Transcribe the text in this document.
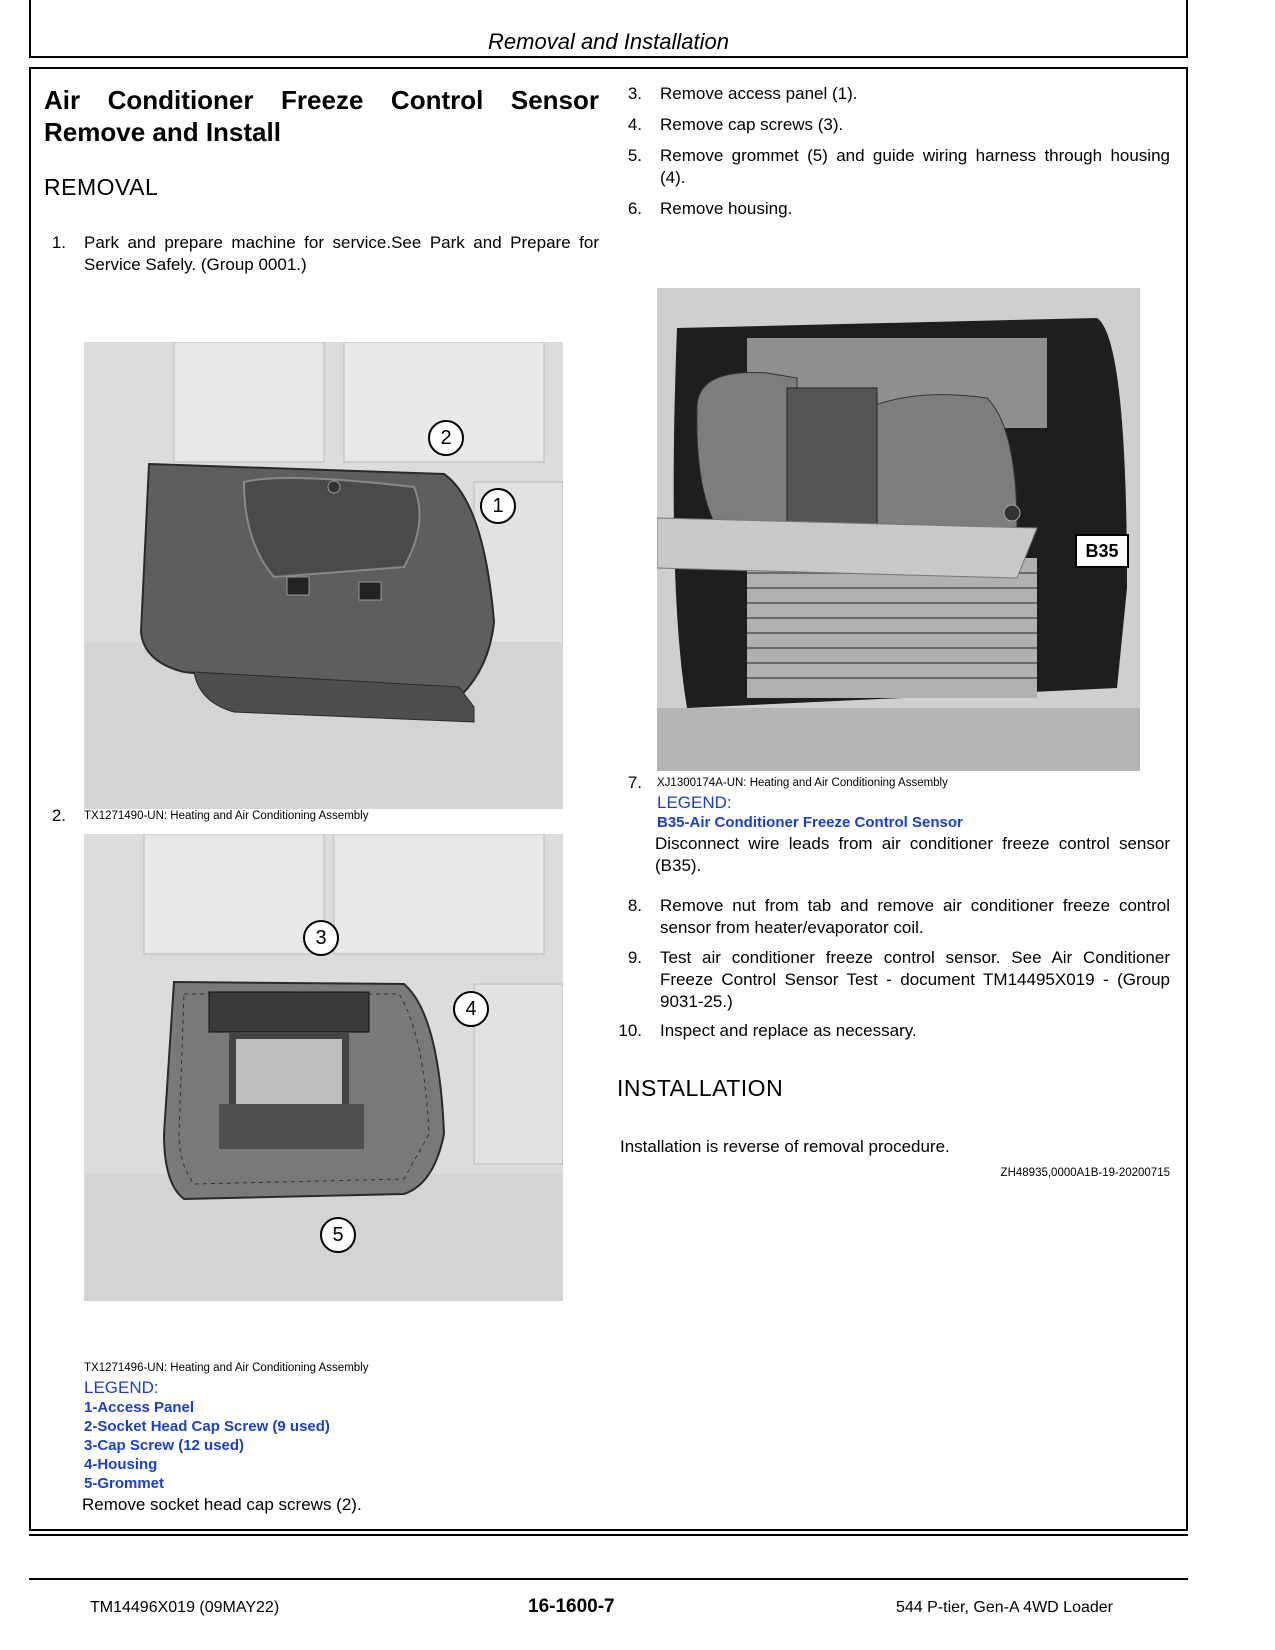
Removal and Installation
Air Conditioner Freeze Control Sensor
Remove and Install
REMOVAL
1. Park and prepare machine for service.See Park and Prepare for Service Safely. (Group 0001.)
2
1
2. TX1271490-UN: Heating and Air Conditioning Assembly
3
4
5
TX1271496-UN: Heating and Air Conditioning Assembly
LEGEND:
1-Access Panel
2-Socket Head Cap Screw (9 used)
3-Cap Screw (12 used)
4-Housing
5-Grommet
Remove socket head cap screws (2).
3. Remove access panel (1).
4. Remove cap screws (3).
5. Remove grommet (5) and guide wiring harness through housing (4).
6. Remove housing.
B35
7. XJ1300174A-UN: Heating and Air Conditioning Assembly
LEGEND:
B35-Air Conditioner Freeze Control Sensor
Disconnect wire leads from air conditioner freeze control sensor (B35).
8. Remove nut from tab and remove air conditioner freeze control sensor from heater/evaporator coil.
9. Test air conditioner freeze control sensor. See Air Conditioner Freeze Control Sensor Test - document TM14495X019 - (Group 9031-25.)
10. Inspect and replace as necessary.
INSTALLATION
Installation is reverse of removal procedure.
ZH48935,0000A1B-19-20200715
TM14496X019 (09MAY22)	16-1600-7	544 P-tier, Gen-A 4WD Loader
